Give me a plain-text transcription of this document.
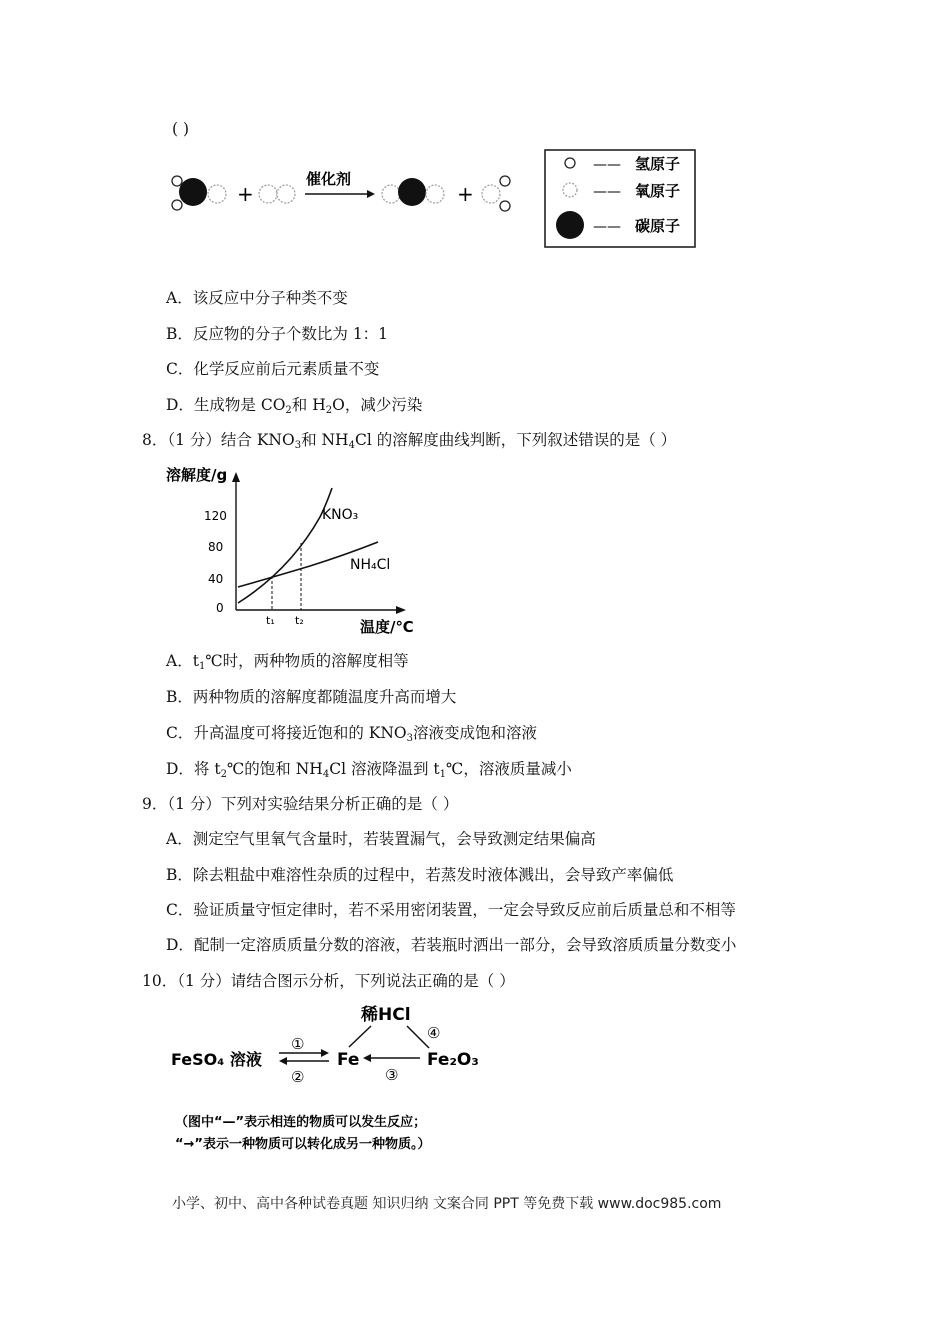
( )
+
催化剂
+
—— 氢原子
—— 氧原子
—— 碳原子
A．该反应中分子种类不变
B．反应物的分子个数比为 1：1
C．化学反应前后元素质量不变
D．生成物是 $CO_2$和 $H_2O$，减少污染
8．（1 分）结合 $KNO_3$和 $NH_4Cl$ 的溶解度曲线判断，下列叙述错误的是（ ）
溶解度/g
120
80
40
0
t₁ t₂
KNO₃
NH₄Cl
温度/℃
A．$t_1℃$时，两种物质的溶解度相等
B．两种物质的溶解度都随温度升高而增大
C．升高温度可将接近饱和的 $KNO_3$溶液变成饱和溶液
D．将 $t_2℃$的饱和 $NH_4Cl$ 溶液降温到 $t_1℃$，溶液质量减小
9．（1 分）下列对实验结果分析正确的是（ ）
A．测定空气里氧气含量时，若装置漏气，会导致测定结果偏高
B．除去粗盐中难溶性杂质的过程中，若蒸发时液体溅出，会导致产率偏低
C．验证质量守恒定律时，若不采用密闭装置，一定会导致反应前后质量总和不相等
D．配制一定溶质质量分数的溶液，若装瓶时洒出一部分，会导致溶质质量分数变小
10．（1 分）请结合图示分析，下列说法正确的是（ ）
稀HCl
FeSO₄ 溶液	Fe	Fe₂O₃
④
①
②	③
（图中“—”表示相连的物质可以发生反应；
“→”表示一种物质可以转化成另一种物质。）
小学、初中、高中各种试卷真题 知识归纳 文案合同 PPT 等免费下载 www.doc985.com
